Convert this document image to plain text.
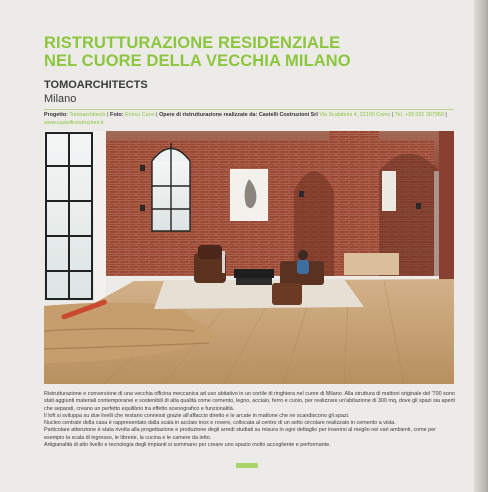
RISTRUTTURAZIONE RESIDENZIALE
NEL CUORE DELLA VECCHIA MILANO
TOMOARCHITECTS
Milano
Progetto: Tomoarchitects | Foto: Enrico Cano | Opere di ristrutturazione realizzate da: Castelli Costruzioni Srl Via Scalabrini 4, 22100 Como | Tel. +39 031 307959 | www.castellicostruzioni.it

Ristrutturazione e conversione di una vecchia officina meccanica ad uso abitativo in un cortile di ringhiera nel cuore di Milano. Alla struttura di mattoni originale del '700 sono stati aggiunti materiali contemporanei e sostenibili di alta qualità come cemento, legno, acciaio, ferro e cuoio, per realizzare un'abitazione di 300 mq, dove gli spazi sia aperti che separati, creano un perfetto equilibrio tra effetto scenografico e funzionalità.

Il loft si sviluppa su due livelli che restano connessi grazie all'affaccio diretto e le arcate in mattone che ne scandiscono gli spazi.

Nucleo centrale della casa è rappresentato dalla scala in acciaio inox e rovere, collocata al centro di un setto circolare realizzato in cemento a vista.

Particolare attenzione è stata rivolta alla progettazione e produzione degli arredi studiati su misura in ogni dettaglio per inserirsi al meglio nei vari ambienti, come per esempio la scala di ingresso, le librerie, la cucina e le camere da letto.

Artigianalità di alto livello e tecnologia degli impianti si sommano per creare uno spazio molto accogliente e performante.
